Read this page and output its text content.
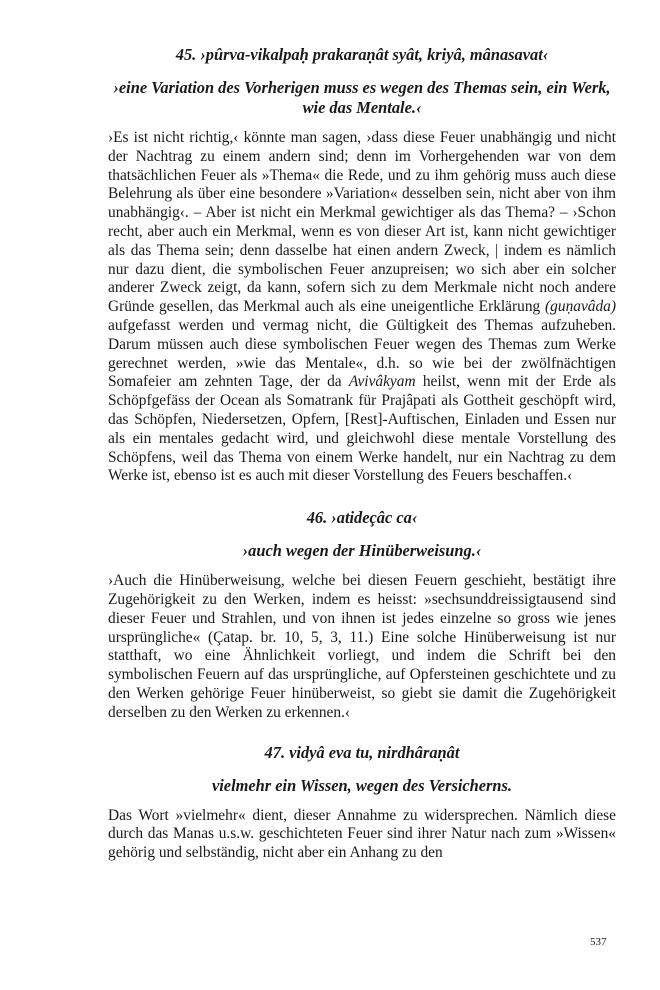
45. ›pûrva-vikalpaḥ prakaraṇât syât, kriyâ, mânasavat‹

›eine Variation des Vorherigen muss es wegen des Themas sein, ein Werk, wie das Mentale.‹

›Es ist nicht richtig,‹ könnte man sagen, ›dass diese Feuer unabhängig und nicht der Nachtrag zu einem andern sind; denn im Vorhergehenden war von dem thatsächlichen Feuer als »Thema« die Rede, und zu ihm gehörig muss auch diese Belehrung als über eine besondere »Variation« desselben sein, nicht aber von ihm unabhängig‹. – Aber ist nicht ein Merkmal gewichtiger als das Thema? – ›Schon recht, aber auch ein Merkmal, wenn es von dieser Art ist, kann nicht gewichtiger als das Thema sein; denn dasselbe hat einen andern Zweck, | indem es nämlich nur dazu dient, die symbolischen Feuer anzupreisen; wo sich aber ein solcher anderer Zweck zeigt, da kann, sofern sich zu dem Merkmale nicht noch andere Gründe gesellen, das Merkmal auch als eine uneigentliche Erklärung (guṇavâda) aufgefasst werden und vermag nicht, die Gültigkeit des Themas aufzuheben. Darum müssen auch diese symbolischen Feuer wegen des Themas zum Werke gerechnet werden, »wie das Mentale«, d.h. so wie bei der zwölfnächtigen Somafeier am zehnten Tage, der da Avivâkyam heilst, wenn mit der Erde als Schöpfgefäss der Ocean als Somatrank für Prajâpati als Gottheit geschöpft wird, das Schöpfen, Niedersetzen, Opfern, [Rest]-Auftischen, Einladen und Essen nur als ein mentales gedacht wird, und gleichwohl diese mentale Vorstellung des Schöpfens, weil das Thema von einem Werke handelt, nur ein Nachtrag zu dem Werke ist, ebenso ist es auch mit dieser Vorstellung des Feuers beschaffen.‹

46. ›atideçâc ca‹

›auch wegen der Hinüberweisung.‹

›Auch die Hinüberweisung, welche bei diesen Feuern geschieht, bestätigt ihre Zugehörigkeit zu den Werken, indem es heisst: »sechsunddreissigtausend sind dieser Feuer und Strahlen, und von ihnen ist jedes einzelne so gross wie jenes ursprüngliche« (Çatap. br. 10, 5, 3, 11.) Eine solche Hinüberweisung ist nur statthaft, wo eine Ähnlichkeit vorliegt, und indem die Schrift bei den symbolischen Feuern auf das ursprüngliche, auf Opfersteinen geschichtete und zu den Werken gehörige Feuer hinüberweist, so giebt sie damit die Zugehörigkeit derselben zu den Werken zu erkennen.‹

47. vidyâ eva tu, nirdhâraṇât

vielmehr ein Wissen, wegen des Versicherns.

Das Wort »vielmehr« dient, dieser Annahme zu widersprechen. Nämlich diese durch das Manas u.s.w. geschichteten Feuer sind ihrer Natur nach zum »Wissen« gehörig und selbständig, nicht aber ein Anhang zu den

537
